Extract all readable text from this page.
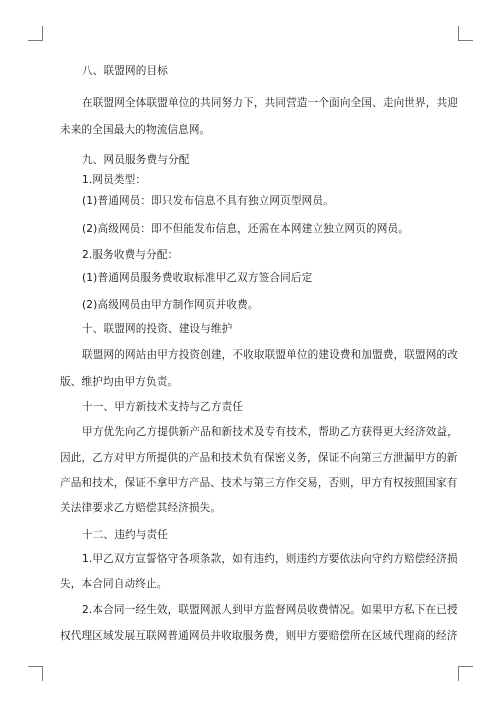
八、联盟网的目标
在联盟网全体联盟单位的共同努力下，共同营造一个面向全国、走向世界，共迎
未来的全国最大的物流信息网。
九、网员服务费与分配
1.网员类型：
(1)普通网员：即只发布信息不具有独立网页型网员。
(2)高级网员：即不但能发布信息，还需在本网建立独立网页的网员。
2.服务收费与分配：
(1)普通网员服务费收取标准甲乙双方签合同后定
(2)高级网员由甲方制作网页并收费。
十、联盟网的投资、建设与维护
联盟网的网站由甲方投资创建，不收取联盟单位的建设费和加盟费，联盟网的改
版、维护均由甲方负责。
十一、甲方新技术支持与乙方责任
甲方优先向乙方提供新产品和新技术及专有技术，帮助乙方获得更大经济效益，
因此，乙方对甲方所提供的产品和技术负有保密义务，保证不向第三方泄漏甲方的新
产品和技术，保证不拿甲方产品、技术与第三方作交易，否则，甲方有权按照国家有
关法律要求乙方赔偿其经济损失。
十二、违约与责任
1.甲乙双方宣誓恪守各项条款，如有违约，则违约方要依法向守约方赔偿经济损
失，本合同自动终止。
2.本合同一经生效，联盟网派人到甲方监督网员收费情况。如果甲方私下在已授
权代理区域发展互联网普通网员并收取服务费，则甲方要赔偿所在区域代理商的经济
